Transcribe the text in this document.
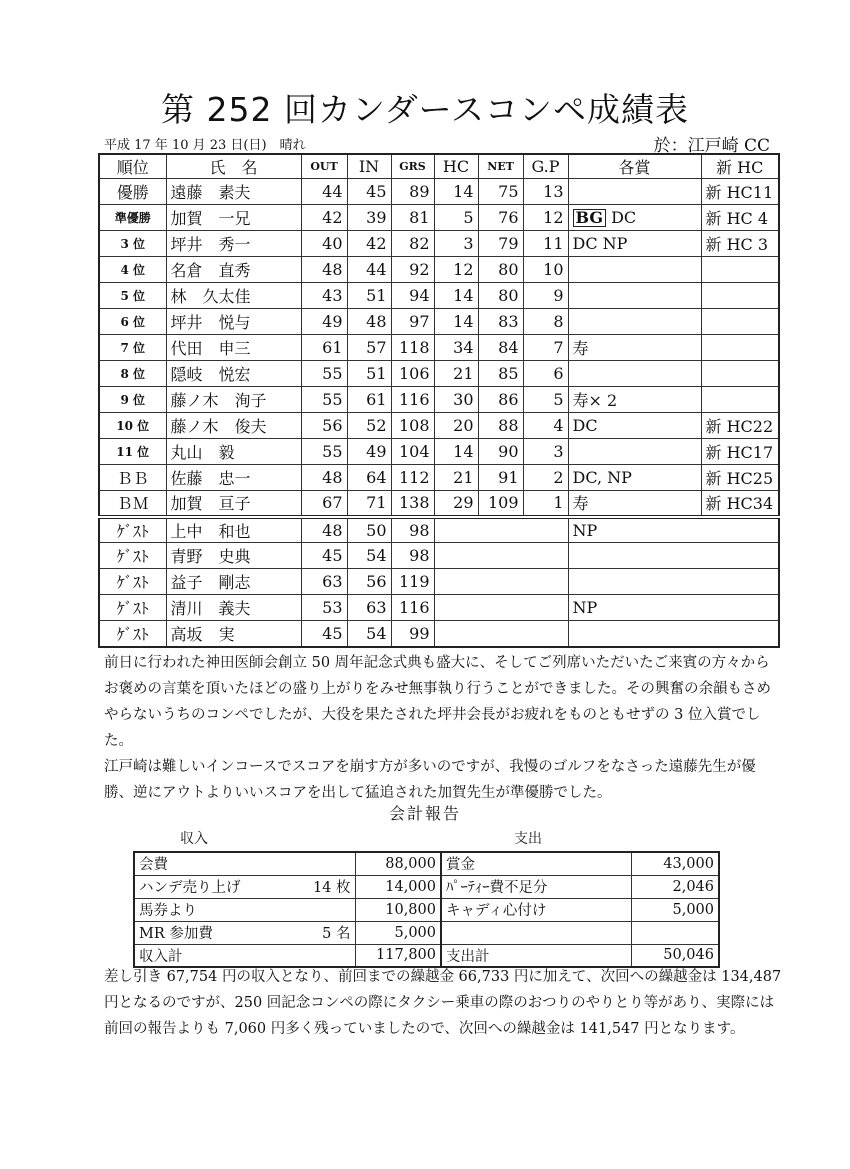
第 252 回カンダースコンペ成績表
平成 17 年 10 月 23 日(日)　晴れ	於：江戸崎 CC
順位	氏　名	OUT	IN	GRS	HC	NET	G.P	各賞	新 HC
優勝	遠藤　素夫	44	45	89	14	75	13		新 HC11
準優勝	加賀　一兄	42	39	81	5	76	12	BG DC	新 HC 4
3 位	坪井　秀一	40	42	82	3	79	11	DC NP	新 HC 3
4 位	名倉　直秀	48	44	92	12	80	10		
5 位	林　久太佳	43	51	94	14	80	9		
6 位	坪井　悦与	49	48	97	14	83	8		
7 位	代田　申三	61	57	118	34	84	7	寿	
8 位	隠岐　悦宏	55	51	106	21	85	6		
9 位	藤ノ木　洵子	55	61	116	30	86	5	寿× 2	
10 位	藤ノ木　俊夫	56	52	108	20	88	4	DC	新 HC22
11 位	丸山　毅	55	49	104	14	90	3		新 HC17
ＢＢ	佐藤　忠一	48	64	112	21	91	2	DC, NP	新 HC25
ＢＭ	加賀　亘子	67	71	138	29	109	1	寿	新 HC34
ｹﾞｽﾄ	上中　和也	48	50	98				NP	
ｹﾞｽﾄ	青野　史典	45	54	98					
ｹﾞｽﾄ	益子　剛志	63	56	119					
ｹﾞｽﾄ	清川　義夫	53	63	116				NP	
ｹﾞｽﾄ	高坂　実	45	54	99					
前日に行われた神田医師会創立 50 周年記念式典も盛大に、そしてご列席いただいたご来賓の方々からお褒めの言葉を頂いたほどの盛り上がりをみせ無事執り行うことができました。その興奮の余韻もさめやらないうちのコンペでしたが、大役を果たされた坪井会長がお疲れをものともせずの 3 位入賞でした。
江戸崎は難しいインコースでスコアを崩す方が多いのですが、我慢のゴルフをなさった遠藤先生が優勝、逆にアウトよりいいスコアを出して猛追された加賀先生が準優勝でした。
会計報告
収入	支出
会費	88,000	賞金	43,000

ハンデ売り上げ 14 枚	14,000	ﾊﾟｰﾃｨｰ費不足分	2,046

馬券より	10,800	キャディ心付け	5,000

MR 参加費 5 名	5,000		

収入計	117,800	支出計	50,046
差し引き 67,754 円の収入となり、前回までの繰越金 66,733 円に加えて、次回への繰越金は 134,487 円となるのですが、250 回記念コンペの際にタクシー乗車の際のおつりのやりとり等があり、実際には前回の報告よりも 7,060 円多く残っていましたので、次回への繰越金は 141,547 円となります。
